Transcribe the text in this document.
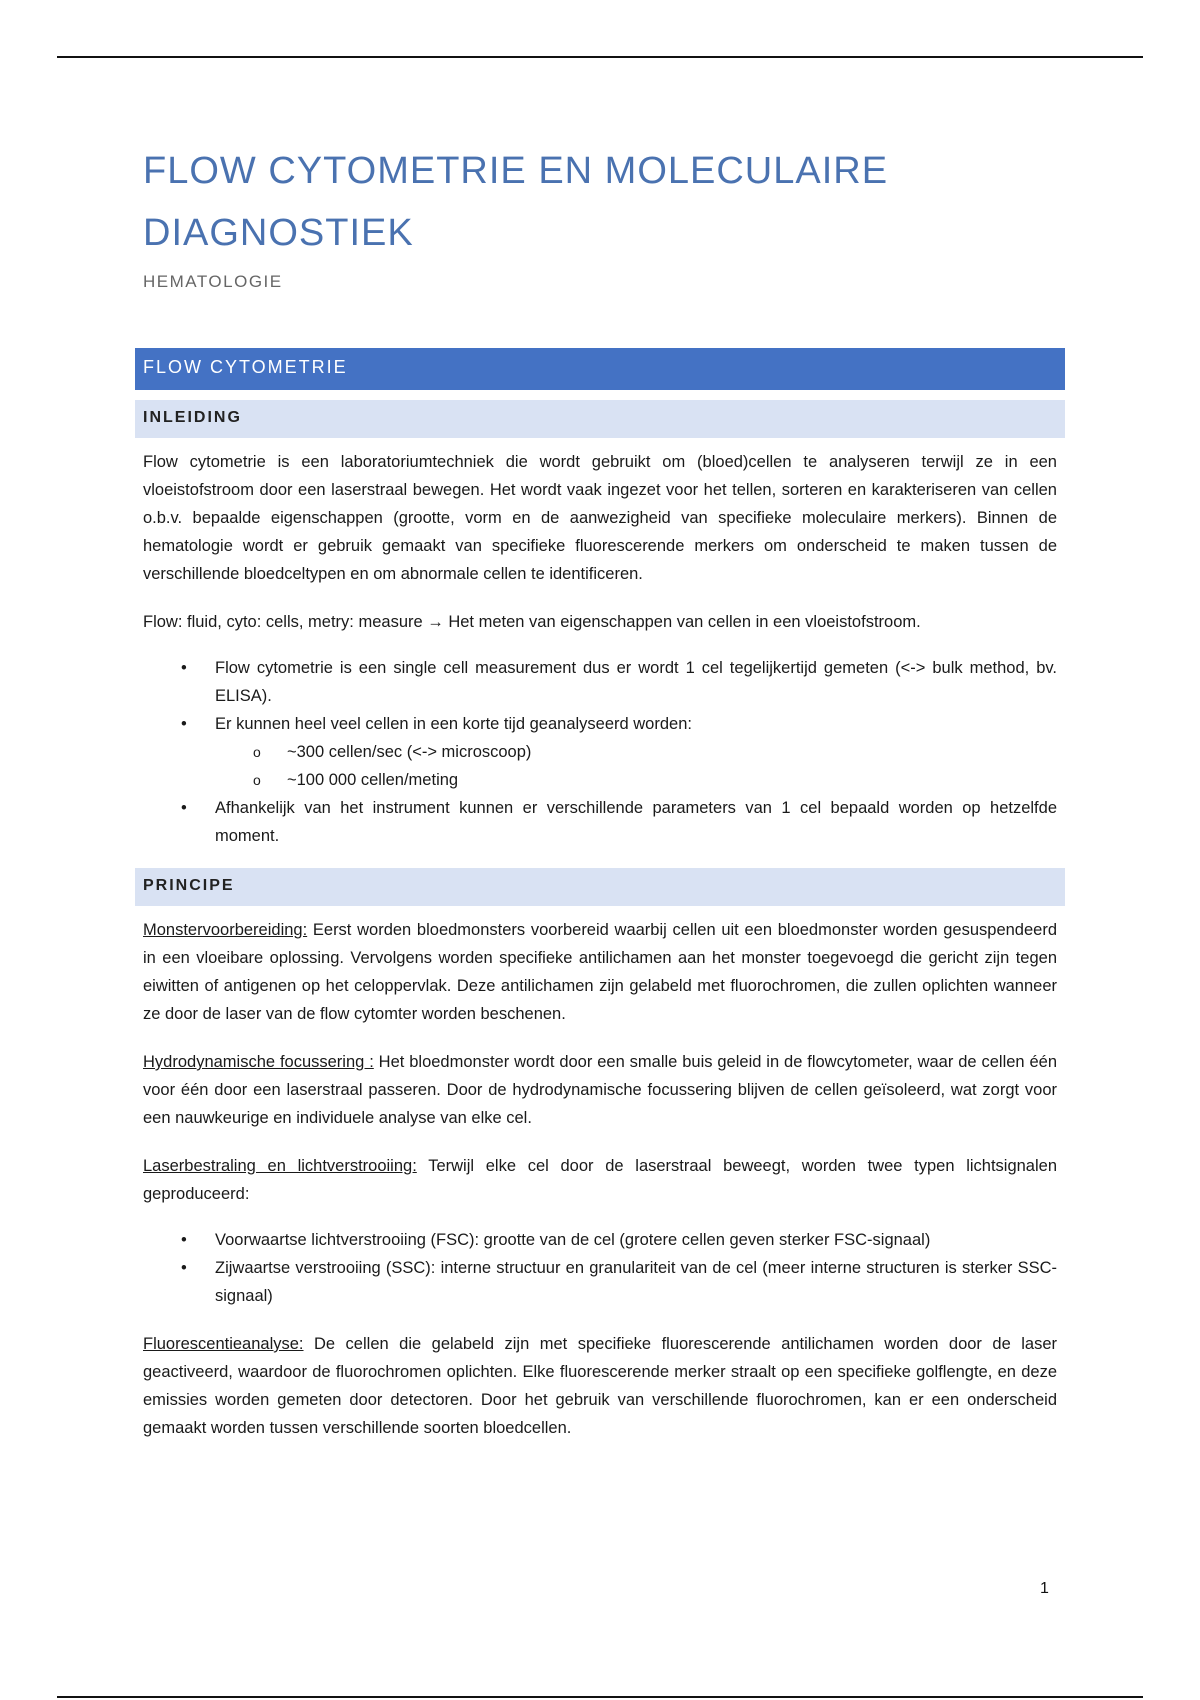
FLOW CYTOMETRIE EN MOLECULAIRE
DIAGNOSTIEK
HEMATOLOGIE
FLOW CYTOMETRIE
INLEIDING

Flow cytometrie is een laboratoriumtechniek die wordt gebruikt om (bloed)cellen te analyseren terwijl ze in een vloeistofstroom door een laserstraal bewegen. Het wordt vaak ingezet voor het tellen, sorteren en karakteriseren van cellen o.b.v. bepaalde eigenschappen (grootte, vorm en de aanwezigheid van specifieke moleculaire merkers). Binnen de hematologie wordt er gebruik gemaakt van specifieke fluorescerende merkers om onderscheid te maken tussen de verschillende bloedceltypen en om abnormale cellen te identificeren.

Flow: fluid, cyto: cells, metry: measure → Het meten van eigenschappen van cellen in een vloeistofstroom.

• Flow cytometrie is een single cell measurement dus er wordt 1 cel tegelijkertijd gemeten (<-> bulk method, bv. ELISA).
• Er kunnen heel veel cellen in een korte tijd geanalyseerd worden:
o ~300 cellen/sec (<-> microscoop)
o ~100 000 cellen/meting
• Afhankelijk van het instrument kunnen er verschillende parameters van 1 cel bepaald worden op hetzelfde moment.
PRINCIPE

Monstervoorbereiding: Eerst worden bloedmonsters voorbereid waarbij cellen uit een bloedmonster worden gesuspendeerd in een vloeibare oplossing. Vervolgens worden specifieke antilichamen aan het monster toegevoegd die gericht zijn tegen eiwitten of antigenen op het celoppervlak. Deze antilichamen zijn gelabeld met fluorochromen, die zullen oplichten wanneer ze door de laser van de flow cytomter worden beschenen.

Hydrodynamische focussering : Het bloedmonster wordt door een smalle buis geleid in de flowcytometer, waar de cellen één voor één door een laserstraal passeren. Door de hydrodynamische focussering blijven de cellen geïsoleerd, wat zorgt voor een nauwkeurige en individuele analyse van elke cel.

Laserbestraling en lichtverstrooiing: Terwijl elke cel door de laserstraal beweegt, worden twee typen lichtsignalen geproduceerd:

• Voorwaartse lichtverstrooiing (FSC): grootte van de cel (grotere cellen geven sterker FSC-signaal)
• Zijwaartse verstrooiing (SSC): interne structuur en granulariteit van de cel (meer interne structuren is sterker SSC-signaal)

Fluorescentieanalyse: De cellen die gelabeld zijn met specifieke fluorescerende antilichamen worden door de laser geactiveerd, waardoor de fluorochromen oplichten. Elke fluorescerende merker straalt op een specifieke golflengte, en deze emissies worden gemeten door detectoren. Door het gebruik van verschillende fluorochromen, kan er een onderscheid gemaakt worden tussen verschillende soorten bloedcellen.

1
